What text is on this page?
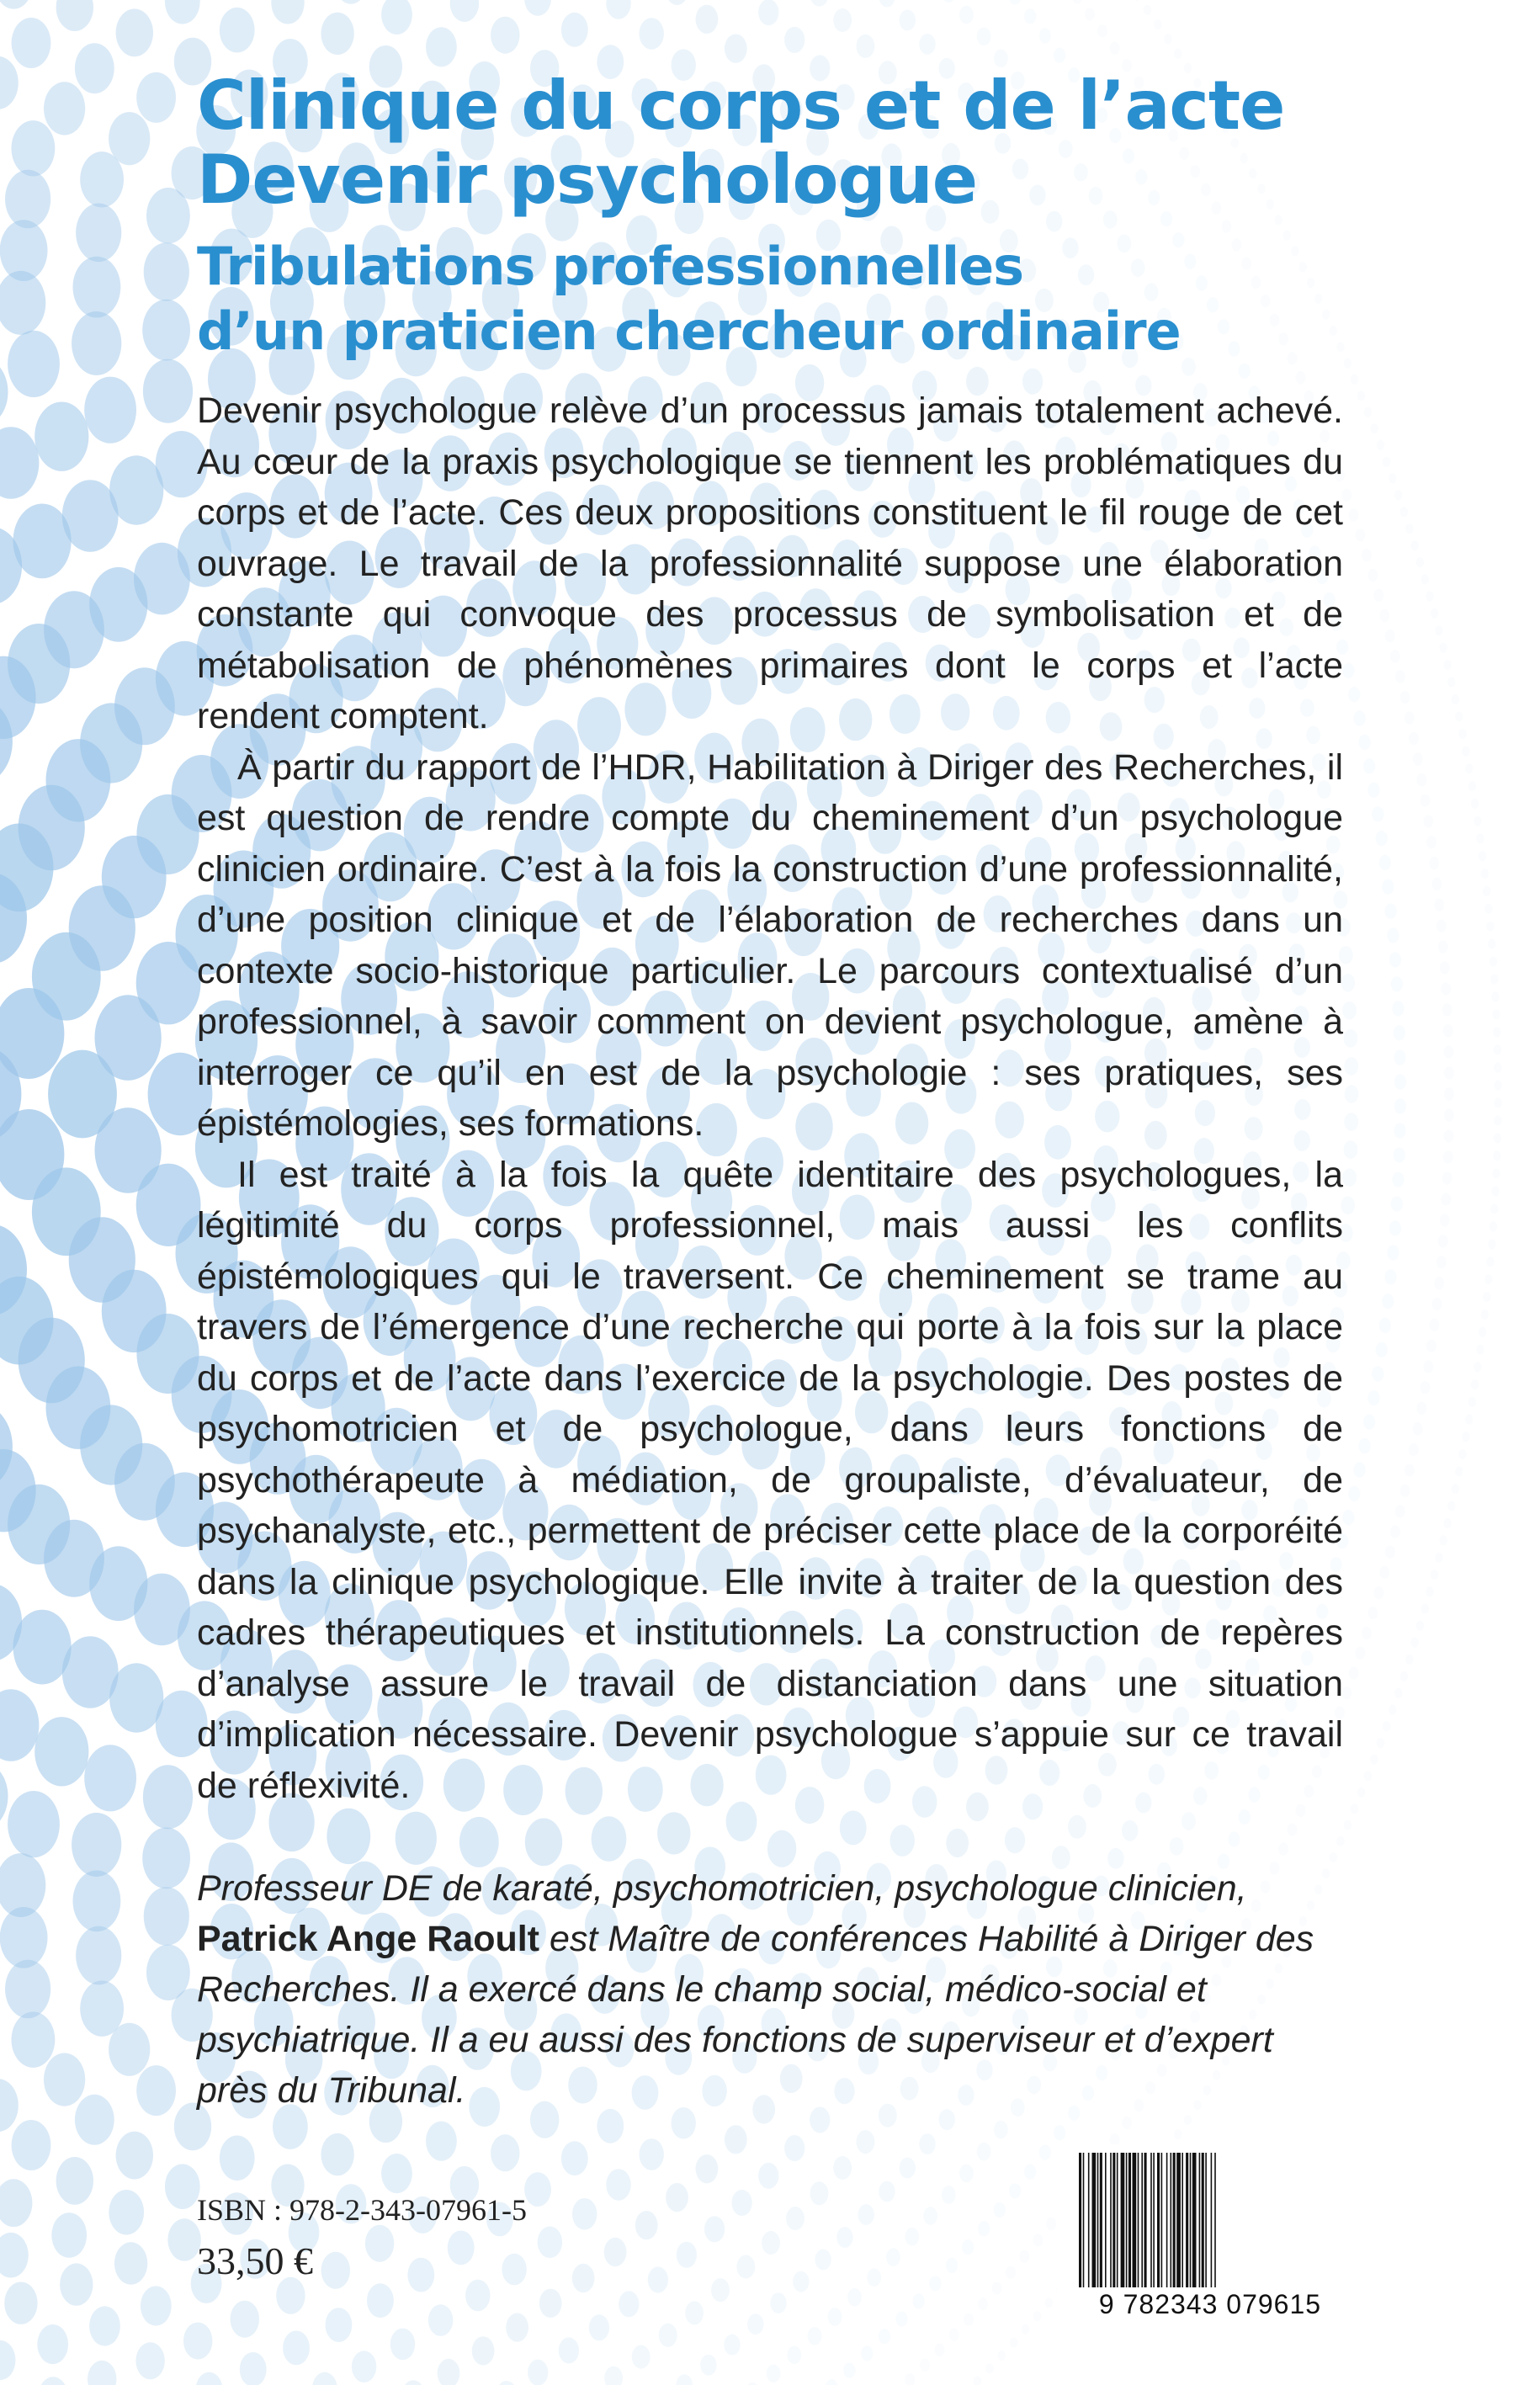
Clinique du corps et de l’acte
Devenir psychologue
Tribulations professionnelles
d’un praticien chercheur ordinaire

Devenir psychologue relève d’un processus jamais totalement achevé. Au cœur de la praxis psychologique se tiennent les problématiques du corps et de l’acte. Ces deux propositions constituent le fil rouge de cet ouvrage. Le travail de la professionnalité suppose une élaboration constante qui convoque des processus de symbolisation et de métabolisation de phénomènes primaires dont le corps et l’acte rendent comptent.

À partir du rapport de l’HDR, Habilitation à Diriger des Recherches, il est question de rendre compte du cheminement d’un psychologue clinicien ordinaire. C’est à la fois la construction d’une professionnalité, d’une position clinique et de l’élaboration de recherches dans un contexte socio-historique particulier. Le parcours contextualisé d’un professionnel, à savoir comment on devient psychologue, amène à interroger ce qu’il en est de la psychologie : ses pratiques, ses épistémologies, ses formations.

Il est traité à la fois la quête identitaire des psychologues, la légitimité du corps professionnel, mais aussi les conflits épistémologiques qui le traversent. Ce cheminement se trame au travers de l’émergence d’une recherche qui porte à la fois sur la place du corps et de l’acte dans l’exercice de la psychologie. Des postes de psychomotricien et de psychologue, dans leurs fonctions de psychothérapeute à médiation, de groupaliste, d’évaluateur, de psychanalyste, etc., permettent de préciser cette place de la corporéité dans la clinique psychologique. Elle invite à traiter de la question des cadres thérapeutiques et institutionnels. La construction de repères d’analyse assure le travail de distanciation dans une situation d’implication nécessaire. Devenir psychologue s’appuie sur ce travail de réflexivité.

Professeur DE de karaté, psychomotricien, psychologue clinicien, Patrick Ange Raoult est Maître de conférences Habilité à Diriger des Recherches. Il a exercé dans le champ social, médico-social et psychiatrique. Il a eu aussi des fonctions de superviseur et d’expert près du Tribunal.

ISBN : 978-2-343-07961-5
33,50 €
9 782343 079615
